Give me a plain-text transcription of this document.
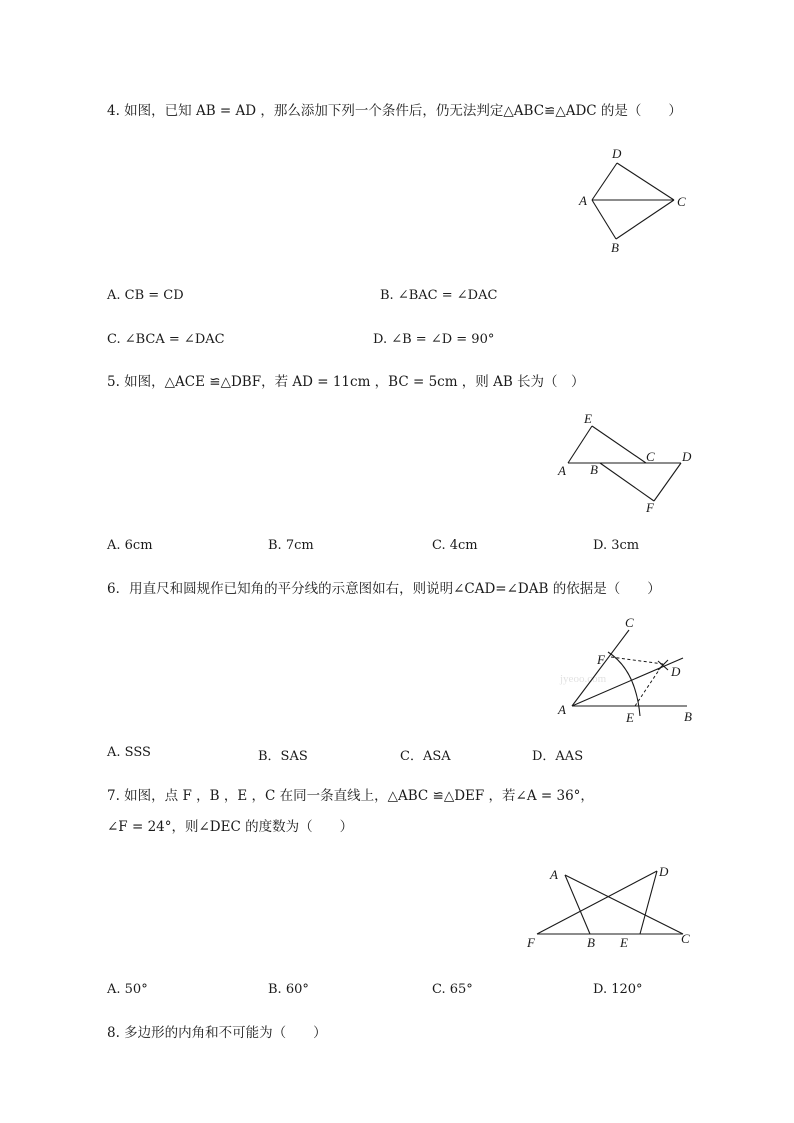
4. 如图，已知 AB = AD ，那么添加下列一个条件后，仍无法判定△ABC≌△ADC 的是（　　）
D
A	C
B
A. CB = CD	B. ∠BAC = ∠DAC
C. ∠BCA = ∠DAC	D. ∠B = ∠D = 90°
5. 如图，△ACE ≌△DBF，若 AD = 11cm ，BC = 5cm ，则 AB 长为（　）
E
A B
C D
F
A. 6cm	B. 7cm	C. 4cm	D. 3cm
6．用直尺和圆规作已知角的平分线的示意图如右，则说明∠CAD=∠DAB 的依据是（　　）
jyeoo.com
C
F
D
A
E	B
A. SSS	B．SAS	C．ASA	D．AAS
7. 如图，点 F ，B ，E ，C 在同一条直线上，△ABC ≌△DEF ，若∠A = 36°，
∠F = 24°，则∠DEC 的度数为（　　）
A	D
F	B E	C
A. 50°	B. 60°	C. 65°	D. 120°
8. 多边形的内角和不可能为（　　）
